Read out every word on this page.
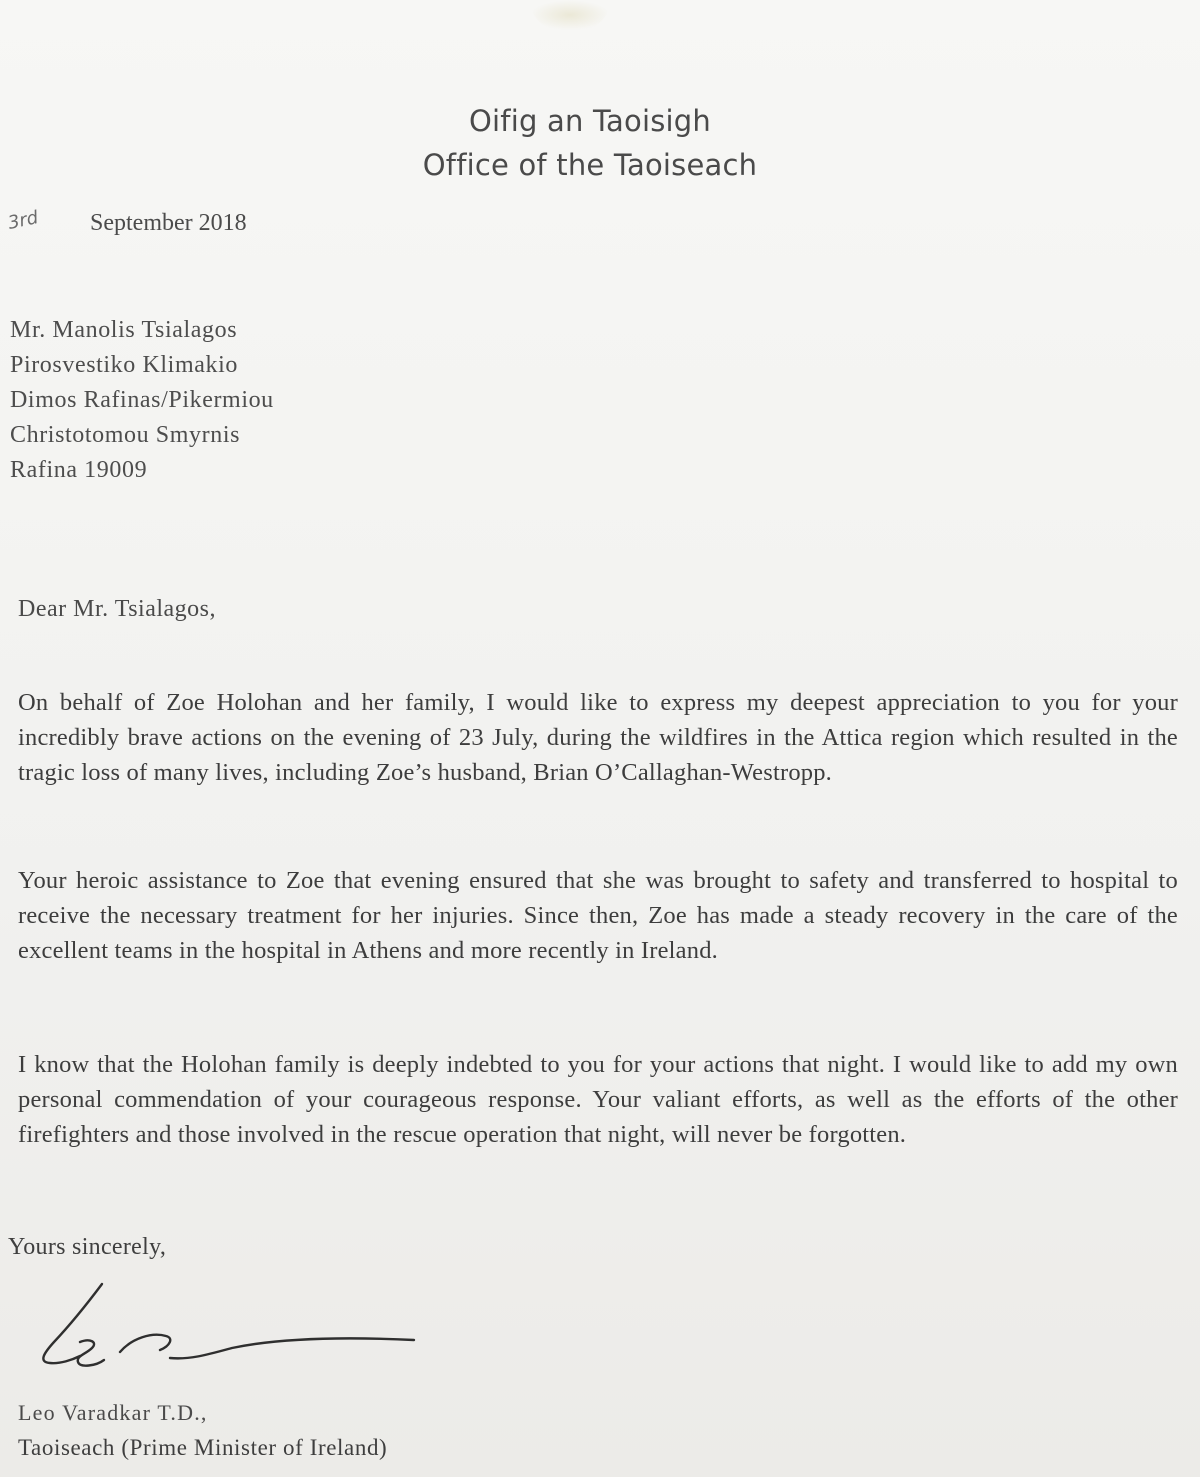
Oifig an Taoisigh
Office of the Taoiseach
3rd September 2018
Mr. Manolis Tsialagos
Pirosvestiko Klimakio
Dimos Rafinas/Pikermiou
Christotomou Smyrnis
Rafina 19009
Dear Mr. Tsialagos,

On behalf of Zoe Holohan and her family, I would like to express my deepest appreciation to you for your incredibly brave actions on the evening of 23 July, during the wildfires in the Attica region which resulted in the tragic loss of many lives, including Zoe’s husband, Brian O’Callaghan-Westropp.

Your heroic assistance to Zoe that evening ensured that she was brought to safety and transferred to hospital to receive the necessary treatment for her injuries. Since then, Zoe has made a steady recovery in the care of the excellent teams in the hospital in Athens and more recently in Ireland.

I know that the Holohan family is deeply indebted to you for your actions that night. I would like to add my own personal commendation of your courageous response. Your valiant efforts, as well as the efforts of the other firefighters and those involved in the rescue operation that night, will never be forgotten.

Yours sincerely,
Leo Varadkar T.D.,
Taoiseach (Prime Minister of Ireland)
